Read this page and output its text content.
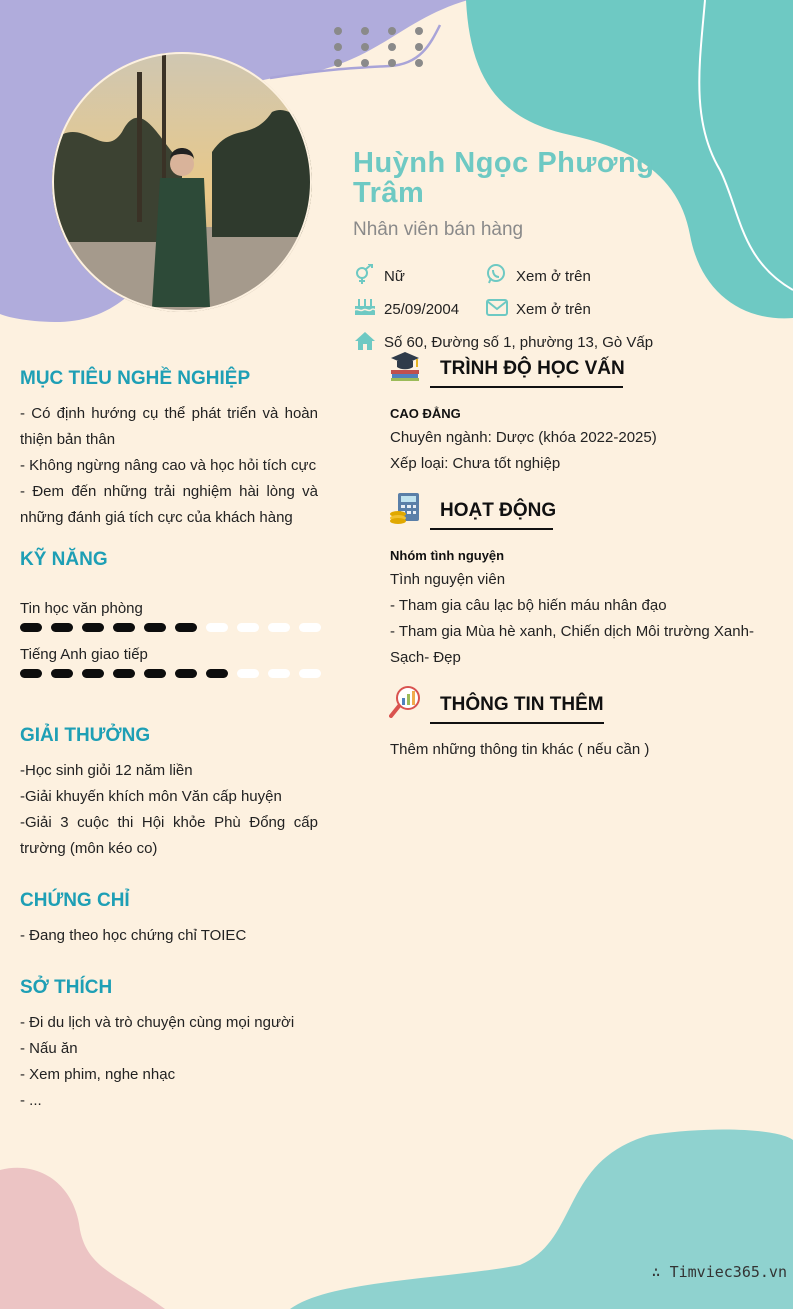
Huỳnh Ngọc Phương Trâm
Nhân viên bán hàng
Nữ	Xem ở trên
25/09/2004	Xem ở trên
Số 60, Đường số 1, phường 13, Gò Vấp
MỤC TIÊU NGHỀ NGHIỆP
- Có định hướng cụ thể phát triển và hoàn thiện bản thân
- Không ngừng nâng cao và học hỏi tích cực
- Đem đến những trải nghiệm hài lòng và những đánh giá tích cực của khách hàng
KỸ NĂNG
Tin học văn phòng
Tiếng Anh giao tiếp
GIẢI THƯỞNG
-Học sinh giỏi 12 năm liền
-Giải khuyến khích môn Văn cấp huyện
-Giải 3 cuộc thi Hội khỏe Phù Đổng cấp trường (môn kéo co)
CHỨNG CHỈ
- Đang theo học chứng chỉ TOIEC
SỞ THÍCH
- Đi du lịch và trò chuyện cùng mọi người
- Nấu ăn
- Xem phim, nghe nhạc
- ...
TRÌNH ĐỘ HỌC VẤN
CAO ĐẲNG
Chuyên ngành: Dược (khóa 2022-2025)
Xếp loại: Chưa tốt nghiệp
HOẠT ĐỘNG
Nhóm tình nguyện
Tình nguyện viên
- Tham gia câu lạc bộ hiến máu nhân đạo
- Tham gia Mùa hè xanh, Chiến dịch Môi trường Xanh-Sạch- Đẹp
THÔNG TIN THÊM
Thêm những thông tin khác ( nếu cần )
∴ Timviec365.vn
